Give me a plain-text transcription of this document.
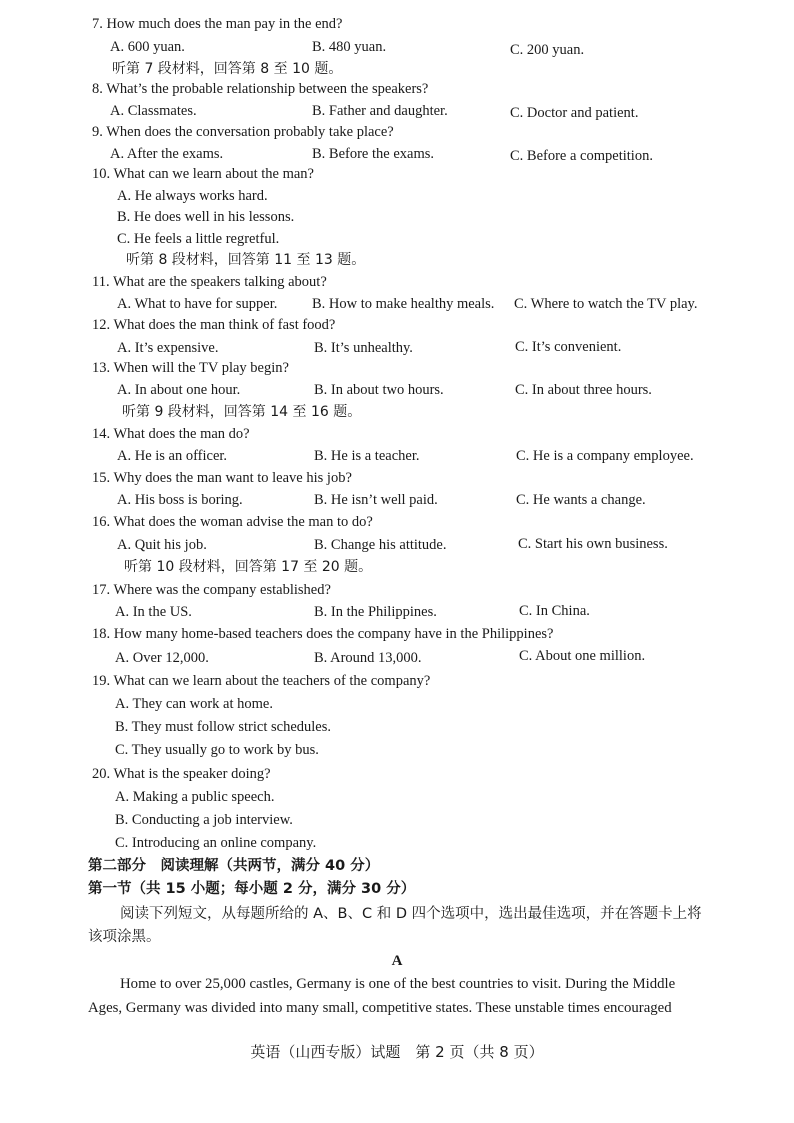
7. How much does the man pay in the end?
A. 600 yuan.	B. 480 yuan.	C. 200 yuan.
听第 7 段材料，回答第 8 至 10 题。
8. What’s the probable relationship between the speakers?
A. Classmates.	B. Father and daughter.	C. Doctor and patient.
9. When does the conversation probably take place?
A. After the exams.	B. Before the exams.	C. Before a competition.
10. What can we learn about the man?
A. He always works hard.
B. He does well in his lessons.
C. He feels a little regretful.
听第 8 段材料，回答第 11 至 13 题。
11. What are the speakers talking about?
A. What to have for supper. B. How to make healthy meals. C. Where to watch the TV play.
12. What does the man think of fast food?
A. It’s expensive.	B. It’s unhealthy.	C. It’s convenient.
13. When will the TV play begin?
A. In about one hour.	B. In about two hours.	C. In about three hours.
听第 9 段材料，回答第 14 至 16 题。
14. What does the man do?
A. He is an officer.	B. He is a teacher.	C. He is a company employee.
15. Why does the man want to leave his job?
A. His boss is boring.	B. He isn’t well paid.	C. He wants a change.
16. What does the woman advise the man to do?
A. Quit his job.	B. Change his attitude.	C. Start his own business.
听第 10 段材料，回答第 17 至 20 题。
17. Where was the company established?
A. In the US.	B. In the Philippines.	C. In China.
18. How many home-based teachers does the company have in the Philippines?
A. Over 12,000.	B. Around 13,000.	C. About one million.
19. What can we learn about the teachers of the company?
A. They can work at home.
B. They must follow strict schedules.
C. They usually go to work by bus.
20. What is the speaker doing?
A. Making a public speech.
B. Conducting a job interview.
C. Introducing an online company.
第二部分　阅读理解（共两节，满分 40 分）
第一节（共 15 小题；每小题 2 分，满分 30 分）
阅读下列短文，从每题所给的 A、B、C 和 D 四个选项中，选出最佳选项，并在答题卡上将
该项涂黑。
A
Home to over 25,000 castles, Germany is one of the best countries to visit. During the Middle
Ages, Germany was divided into many small, competitive states. These unstable times encouraged
英语（山西专版）试题　第 2 页（共 8 页）
